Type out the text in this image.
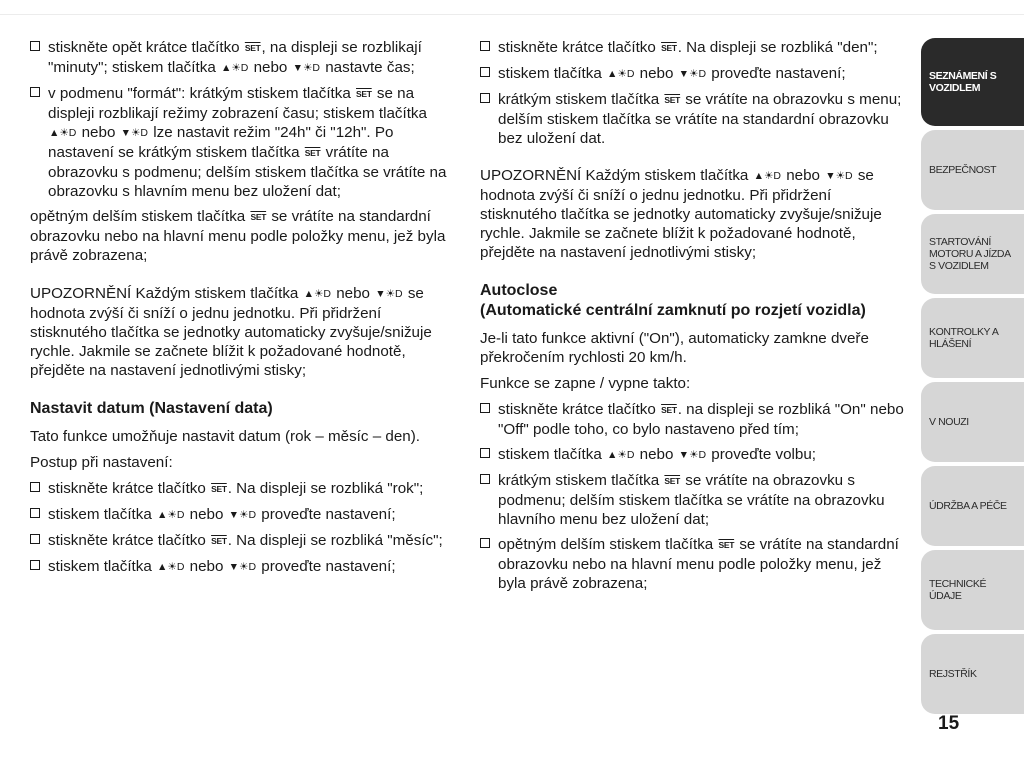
stiskněte opět krátce tlačítko $\overline{SET}$, na displeji se rozblikají "minuty"; stiskem tlačítka ▲☀D nebo ▼☀D nastavte čas;
v podmenu "formát": krátkým stiskem tlačítka $\overline{SET}$ se na displeji rozblikají režimy zobrazení času; stiskem tlačítka ▲☀D nebo ▼☀D lze nastavit režim "24h" či "12h". Po nastavení se krátkým stiskem tlačítka $\overline{SET}$ vrátíte na obrazovku s podmenu; delším stiskem tlačítka se vrátíte na obrazovku s hlavním menu bez uložení dat;
opětným delším stiskem tlačítka $\overline{SET}$ se vrátíte na standardní obrazovku nebo na hlavní menu podle položky menu, jež byla právě zobrazena;
UPOZORNĚNÍ Každým stiskem tlačítka ▲☀D nebo ▼☀D se hodnota zvýší či sníží o jednu jednotku. Při přidržení stisknutého tlačítka se jednotky automaticky zvyšuje/snižuje rychle. Jakmile se začnete blížit k požadované hodnotě, přejděte na nastavení jednotlivými stisky;
Nastavit datum (Nastavení data)
Tato funkce umožňuje nastavit datum (rok – měsíc – den).
Postup při nastavení:
stiskněte krátce tlačítko $\overline{SET}$. Na displeji se rozbliká "rok";
stiskem tlačítka ▲☀D nebo ▼☀D proveďte nastavení;
stiskněte krátce tlačítko $\overline{SET}$. Na displeji se rozbliká "měsíc";
stiskem tlačítka ▲☀D nebo ▼☀D proveďte nastavení;
stiskněte krátce tlačítko $\overline{SET}$. Na displeji se rozbliká "den";
stiskem tlačítka ▲☀D nebo ▼☀D proveďte nastavení;
krátkým stiskem tlačítka $\overline{SET}$ se vrátíte na obrazovku s menu; delším stiskem tlačítka se vrátíte na standardní obrazovku bez uložení dat.
UPOZORNĚNÍ Každým stiskem tlačítka ▲☀D nebo ▼☀D se hodnota zvýší či sníží o jednu jednotku. Při přidržení stisknutého tlačítka se jednotky automaticky zvyšuje/snižuje rychle. Jakmile se začnete blížit k požadované hodnotě, přejděte na nastavení jednotlivými stisky;
Autoclose
(Automatické centrální zamknutí po rozjetí vozidla)
Je-li tato funkce aktivní ("On"), automaticky zamkne dveře překročením rychlosti 20 km/h.
Funkce se zapne / vypne takto:
stiskněte krátce tlačítko $\overline{SET}$. na displeji se rozbliká "On" nebo "Off" podle toho, co bylo nastaveno před tím;
stiskem tlačítka ▲☀D nebo ▼☀D proveďte volbu;
krátkým stiskem tlačítka $\overline{SET}$ se vrátíte na obrazovku s podmenu; delším stiskem tlačítka se vrátíte na obrazovku hlavního menu bez uložení dat;
opětným delším stiskem tlačítka $\overline{SET}$ se vrátíte na standardní obrazovku nebo na hlavní menu podle položky menu, jež byla právě zobrazena;
SEZNÁMENÍ S VOZIDLEM
BEZPEČNOST
STARTOVÁNÍ MOTORU A JÍZDA S VOZIDLEM
KONTROLKY A HLÁŠENÍ
V NOUZI
ÚDRŽBA A PÉČE
TECHNICKÉ ÚDAJE
REJSTŘÍK
15
